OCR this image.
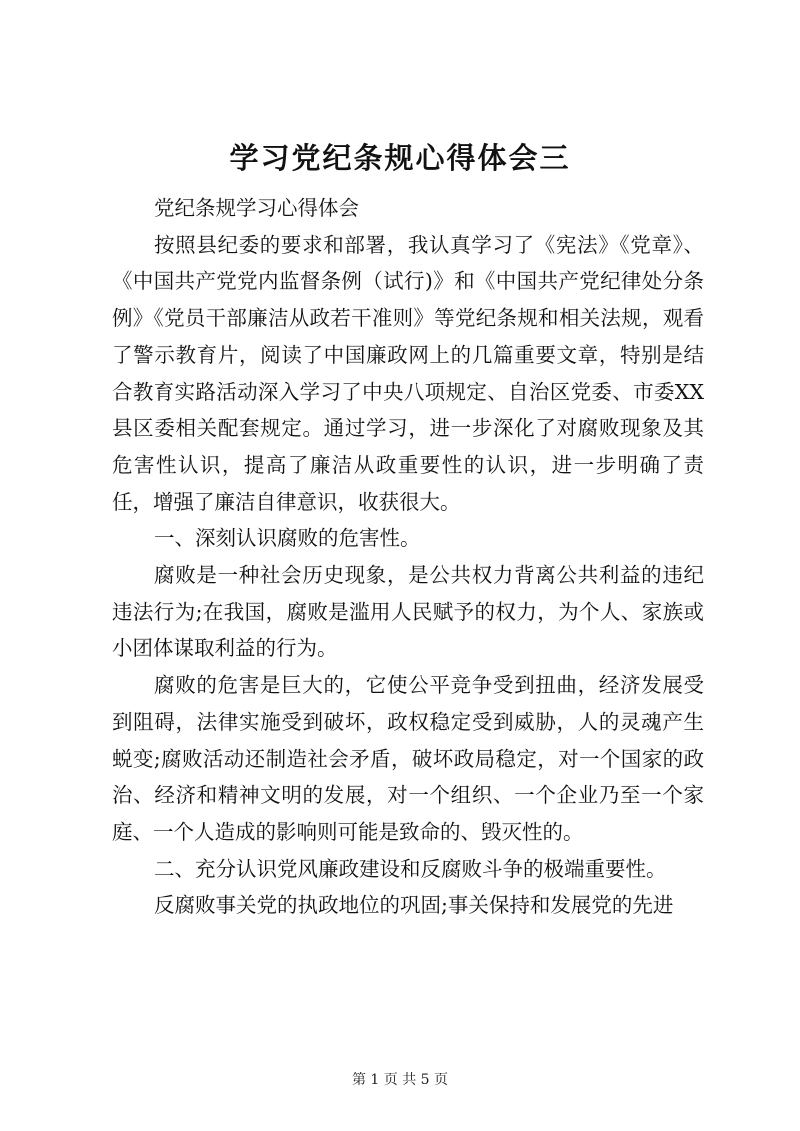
学习党纪条规心得体会三

党纪条规学习心得体会

按照县纪委的要求和部署，我认真学习了《宪法》《党章》、《中国共产党党内监督条例（试行)》和《中国共产党纪律处分条例》《党员干部廉洁从政若干准则》等党纪条规和相关法规，观看了警示教育片，阅读了中国廉政网上的几篇重要文章，特别是结合教育实路活动深入学习了中央八项规定、自治区党委、市委XX县区委相关配套规定。通过学习，进一步深化了对腐败现象及其危害性认识，提高了廉洁从政重要性的认识，进一步明确了责任，增强了廉洁自律意识，收获很大。

一、深刻认识腐败的危害性。

腐败是一种社会历史现象，是公共权力背离公共利益的违纪违法行为;在我国，腐败是滥用人民赋予的权力，为个人、家族或小团体谋取利益的行为。

腐败的危害是巨大的，它使公平竞争受到扭曲，经济发展受到阻碍，法律实施受到破坏，政权稳定受到威胁，人的灵魂产生蜕变;腐败活动还制造社会矛盾，破坏政局稳定，对一个国家的政治、经济和精神文明的发展，对一个组织、一个企业乃至一个家庭、一个人造成的影响则可能是致命的、毁灭性的。

二、充分认识党风廉政建设和反腐败斗争的极端重要性。

反腐败事关党的执政地位的巩固;事关保持和发展党的先进

第 1 页 共 5 页
